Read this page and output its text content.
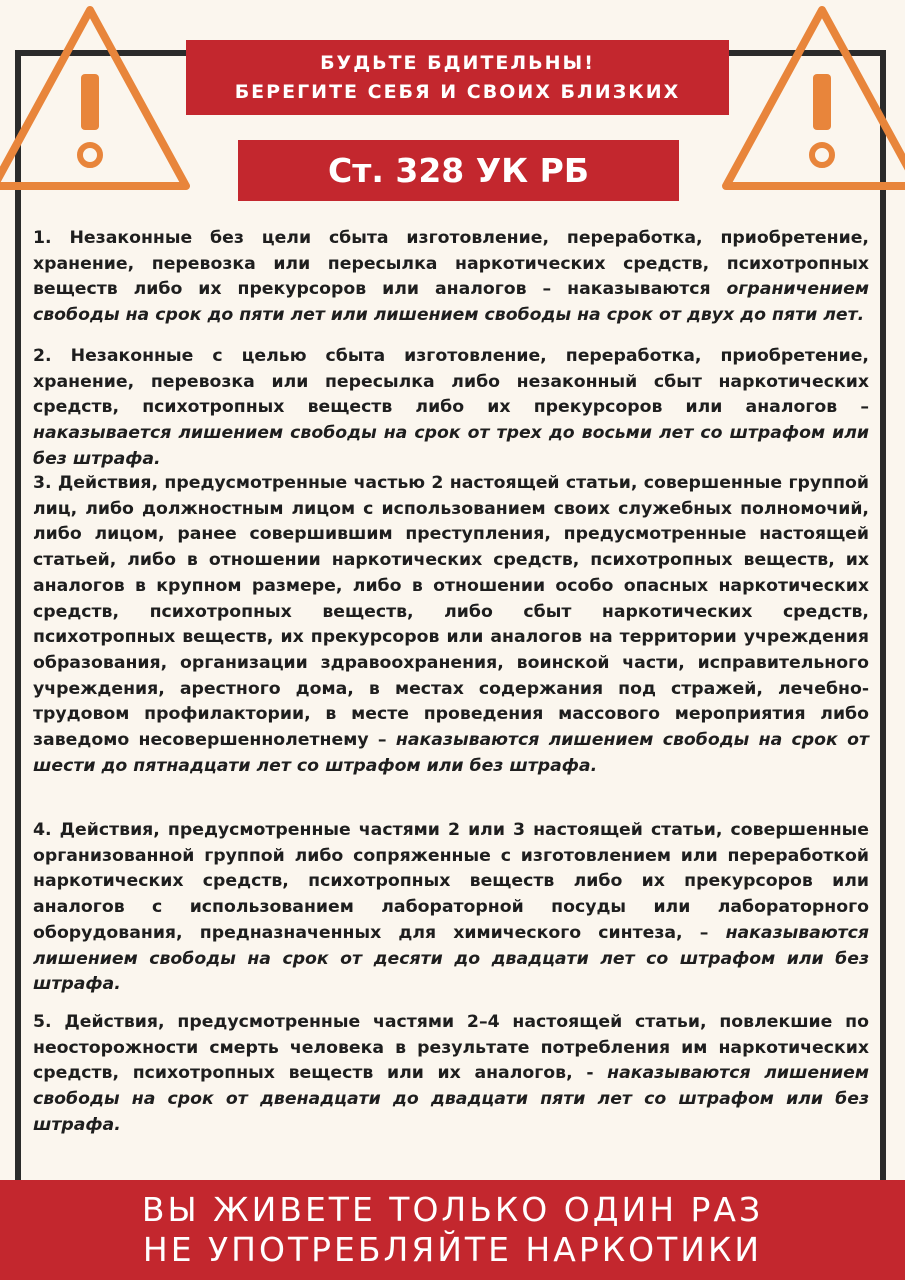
БУДЬТЕ БДИТЕЛЬНЫ!
БЕРЕГИТЕ СЕБЯ И СВОИХ БЛИЗКИХ
Ст. 328 УК РБ

1. Незаконные без цели сбыта изготовление, переработка, приобретение, хранение, перевозка или пересылка наркотических средств, психотропных веществ либо их прекурсоров или аналогов – наказываются ограничением свободы на срок до пяти лет или лишением свободы на срок от двух до пяти лет.

2. Незаконные с целью сбыта изготовление, переработка, приобретение, хранение, перевозка или пересылка либо незаконный сбыт наркотических средств, психотропных веществ либо их прекурсоров или аналогов – наказывается лишением свободы на срок от трех до восьми лет со штрафом или без штрафа.

3. Действия, предусмотренные частью 2 настоящей статьи, совершенные группой лиц, либо должностным лицом с использованием своих служебных полномочий, либо лицом, ранее совершившим преступления, предусмотренные настоящей статьей, либо в отношении наркотических средств, психотропных веществ, их аналогов в крупном размере, либо в отношении особо опасных наркотических средств, психотропных веществ, либо сбыт наркотических средств, психотропных веществ, их прекурсоров или аналогов на территории учреждения образования, организации здравоохранения, воинской части, исправительного учреждения, арестного дома, в местах содержания под стражей, лечебно-трудовом профилактории, в месте проведения массового мероприятия либо заведомо несовершеннолетнему – наказываются лишением свободы на срок от шести до пятнадцати лет со штрафом или без штрафа.

4. Действия, предусмотренные частями 2 или 3 настоящей статьи, совершенные организованной группой либо сопряженные с изготовлением или переработкой наркотических средств, психотропных веществ либо их прекурсоров или аналогов с использованием лабораторной посуды или лабораторного оборудования, предназначенных для химического синтеза, – наказываются лишением свободы на срок от десяти до двадцати лет со штрафом или без штрафа.

5. Действия, предусмотренные частями 2–4 настоящей статьи, повлекшие по неосторожности смерть человека в результате потребления им наркотических средств, психотропных веществ или их аналогов, - наказываются лишением свободы на срок от двенадцати до двадцати пяти лет со штрафом или без штрафа.

ВЫ ЖИВЕТЕ ТОЛЬКО ОДИН РАЗ
НЕ УПОТРЕБЛЯЙТЕ НАРКОТИКИ
